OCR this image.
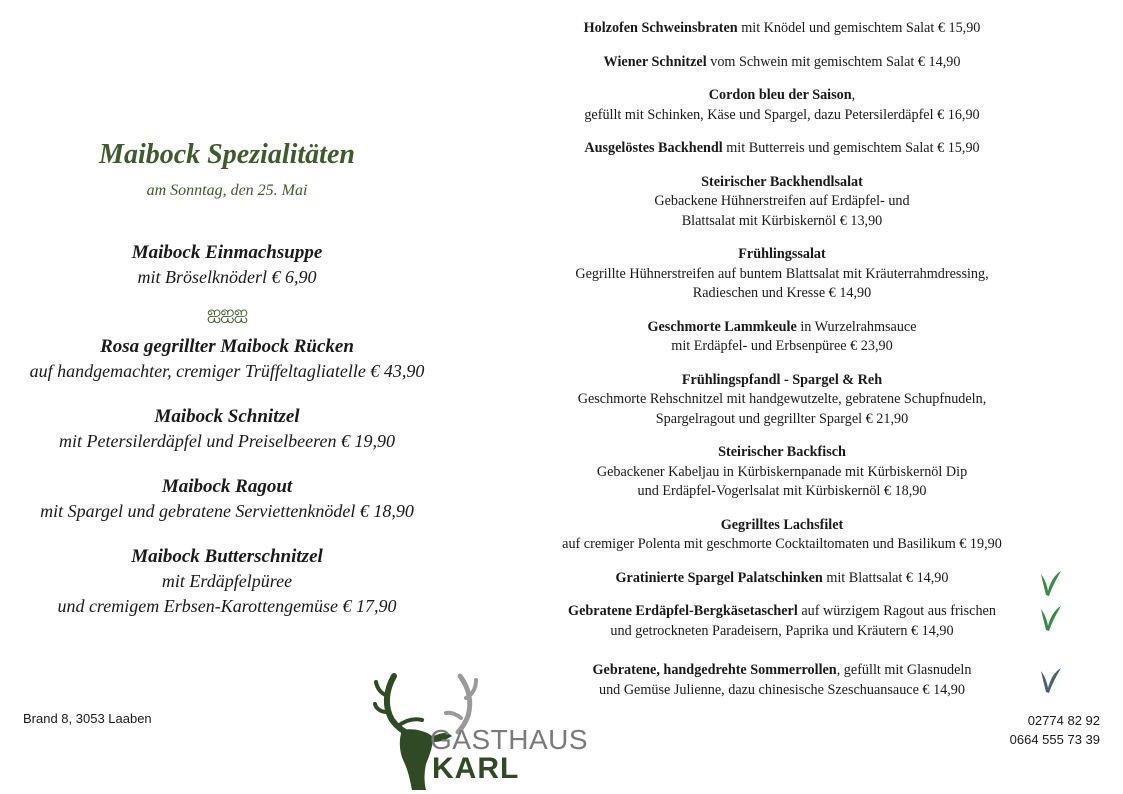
Maibock Spezialitäten
am Sonntag, den 25. Mai
Maibock Einmachsuppe
mit Bröselknöderl € 6,90
ஐஐஐ
Rosa gegrillter Maibock Rücken
auf handgemachter, cremiger Trüffeltagliatelle € 43,90
Maibock Schnitzel
mit Petersilerdäpfel und Preiselbeeren € 19,90
Maibock Ragout
mit Spargel und gebratene Serviettenknödel € 18,90
Maibock Butterschnitzel
mit Erdäpfelpüree
und cremigem Erbsen-Karottengemüse € 17,90
Holzofen Schweinsbraten mit Knödel und gemischtem Salat € 15,90
Wiener Schnitzel vom Schwein mit gemischtem Salat € 14,90
Cordon bleu der Saison,
gefüllt mit Schinken, Käse und Spargel, dazu Petersilerdäpfel € 16,90
Ausgelöstes Backhendl mit Butterreis und gemischtem Salat € 15,90
Steirischer Backhendlsalat
Gebackene Hühnerstreifen auf Erdäpfel- und
Blattsalat mit Kürbiskernöl € 13,90
Frühlingssalat
Gegrillte Hühnerstreifen auf buntem Blattsalat mit Kräuterrahmdressing,
Radieschen und Kresse € 14,90
Geschmorte Lammkeule in Wurzelrahmsauce
mit Erdäpfel- und Erbsenpüree € 23,90
Frühlingspfandl - Spargel & Reh
Geschmorte Rehschnitzel mit handgewutzelte, gebratene Schupfnudeln,
Spargelragout und gegrillter Spargel € 21,90
Steirischer Backfisch
Gebackener Kabeljau in Kürbiskernpanade mit Kürbiskernöl Dip
und Erdäpfel-Vogerlsalat mit Kürbiskernöl € 18,90
Gegrilltes Lachsfilet
auf cremiger Polenta mit geschmorte Cocktailtomaten und Basilikum € 19,90
Gratinierte Spargel Palatschinken mit Blattsalat € 14,90
Gebratene Erdäpfel-Bergkäsetascherl auf würzigem Ragout aus frischen
und getrockneten Paradeisern, Paprika und Kräutern € 14,90
Gebratene, handgedrehte Sommerrollen, gefüllt mit Glasnudeln
und Gemüse Julienne, dazu chinesische Szeschuansauce € 14,90
Brand 8, 3053 Laaben	02774 82 92
0664 555 73 39
GASTHAUS
KARL
